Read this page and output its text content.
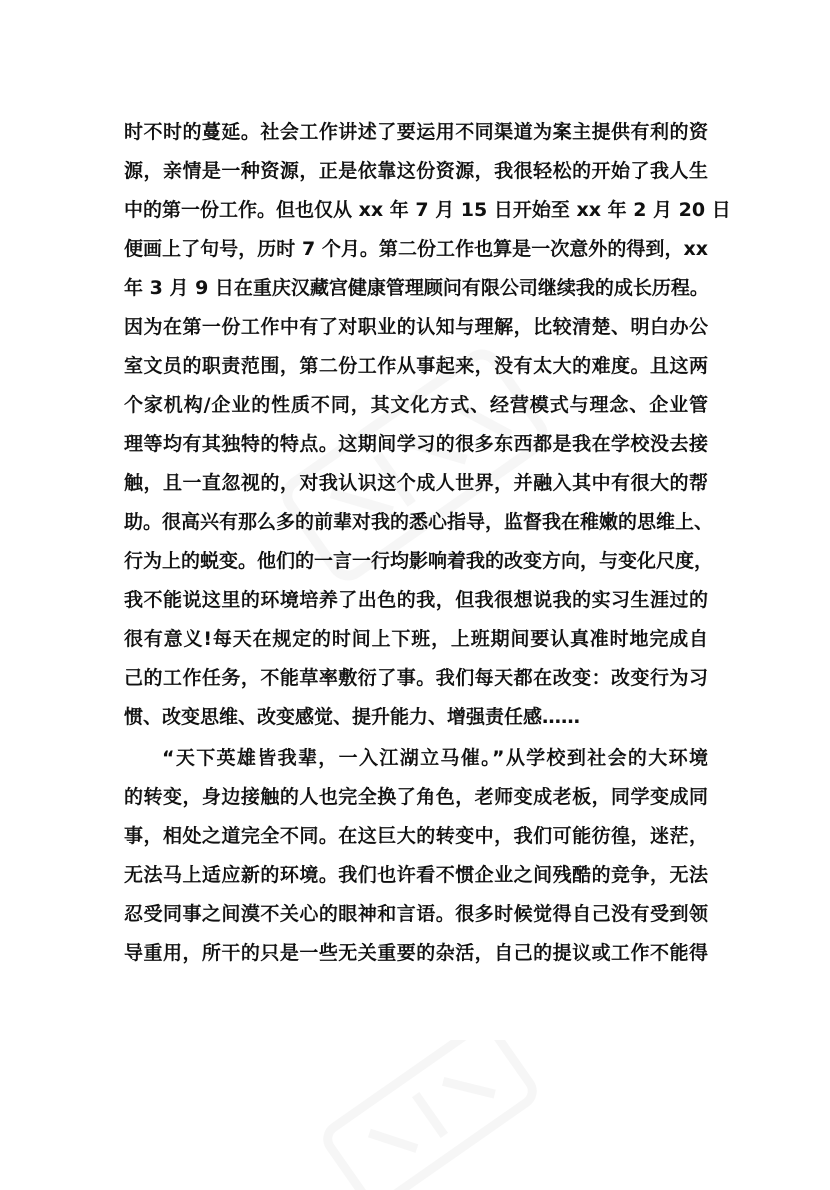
时不时的蔓延。社会工作讲述了要运用不同渠道为案主提供有利的资
源，亲情是一种资源，正是依靠这份资源，我很轻松的开始了我人生
中的第一份工作。但也仅从 xx 年 7 月 15 日开始至 xx 年 2 月 20 日
便画上了句号，历时 7 个月。第二份工作也算是一次意外的得到，xx
年 3 月 9 日在重庆汉藏宫健康管理顾问有限公司继续我的成长历程。
因为在第一份工作中有了对职业的认知与理解，比较清楚、明白办公
室文员的职责范围，第二份工作从事起来，没有太大的难度。且这两
个家机构/企业的性质不同，其文化方式、经营模式与理念、企业管
理等均有其独特的特点。这期间学习的很多东西都是我在学校没去接
触，且一直忽视的，对我认识这个成人世界，并融入其中有很大的帮
助。很高兴有那么多的前辈对我的悉心指导，监督我在稚嫩的思维上、
行为上的蜕变。他们的一言一行均影响着我的改变方向，与变化尺度，
我不能说这里的环境培养了出色的我，但我很想说我的实习生涯过的
很有意义!每天在规定的时间上下班，上班期间要认真准时地完成自
己的工作任务，不能草率敷衍了事。我们每天都在改变：改变行为习
惯、改变思维、改变感觉、提升能力、增强责任感……
“天下英雄皆我辈，一入江湖立马催。”从学校到社会的大环境
的转变，身边接触的人也完全换了角色，老师变成老板，同学变成同
事，相处之道完全不同。在这巨大的转变中，我们可能彷徨，迷茫，
无法马上适应新的环境。我们也许看不惯企业之间残酷的竞争，无法
忍受同事之间漠不关心的眼神和言语。很多时候觉得自己没有受到领
导重用，所干的只是一些无关重要的杂活，自己的提议或工作不能得
